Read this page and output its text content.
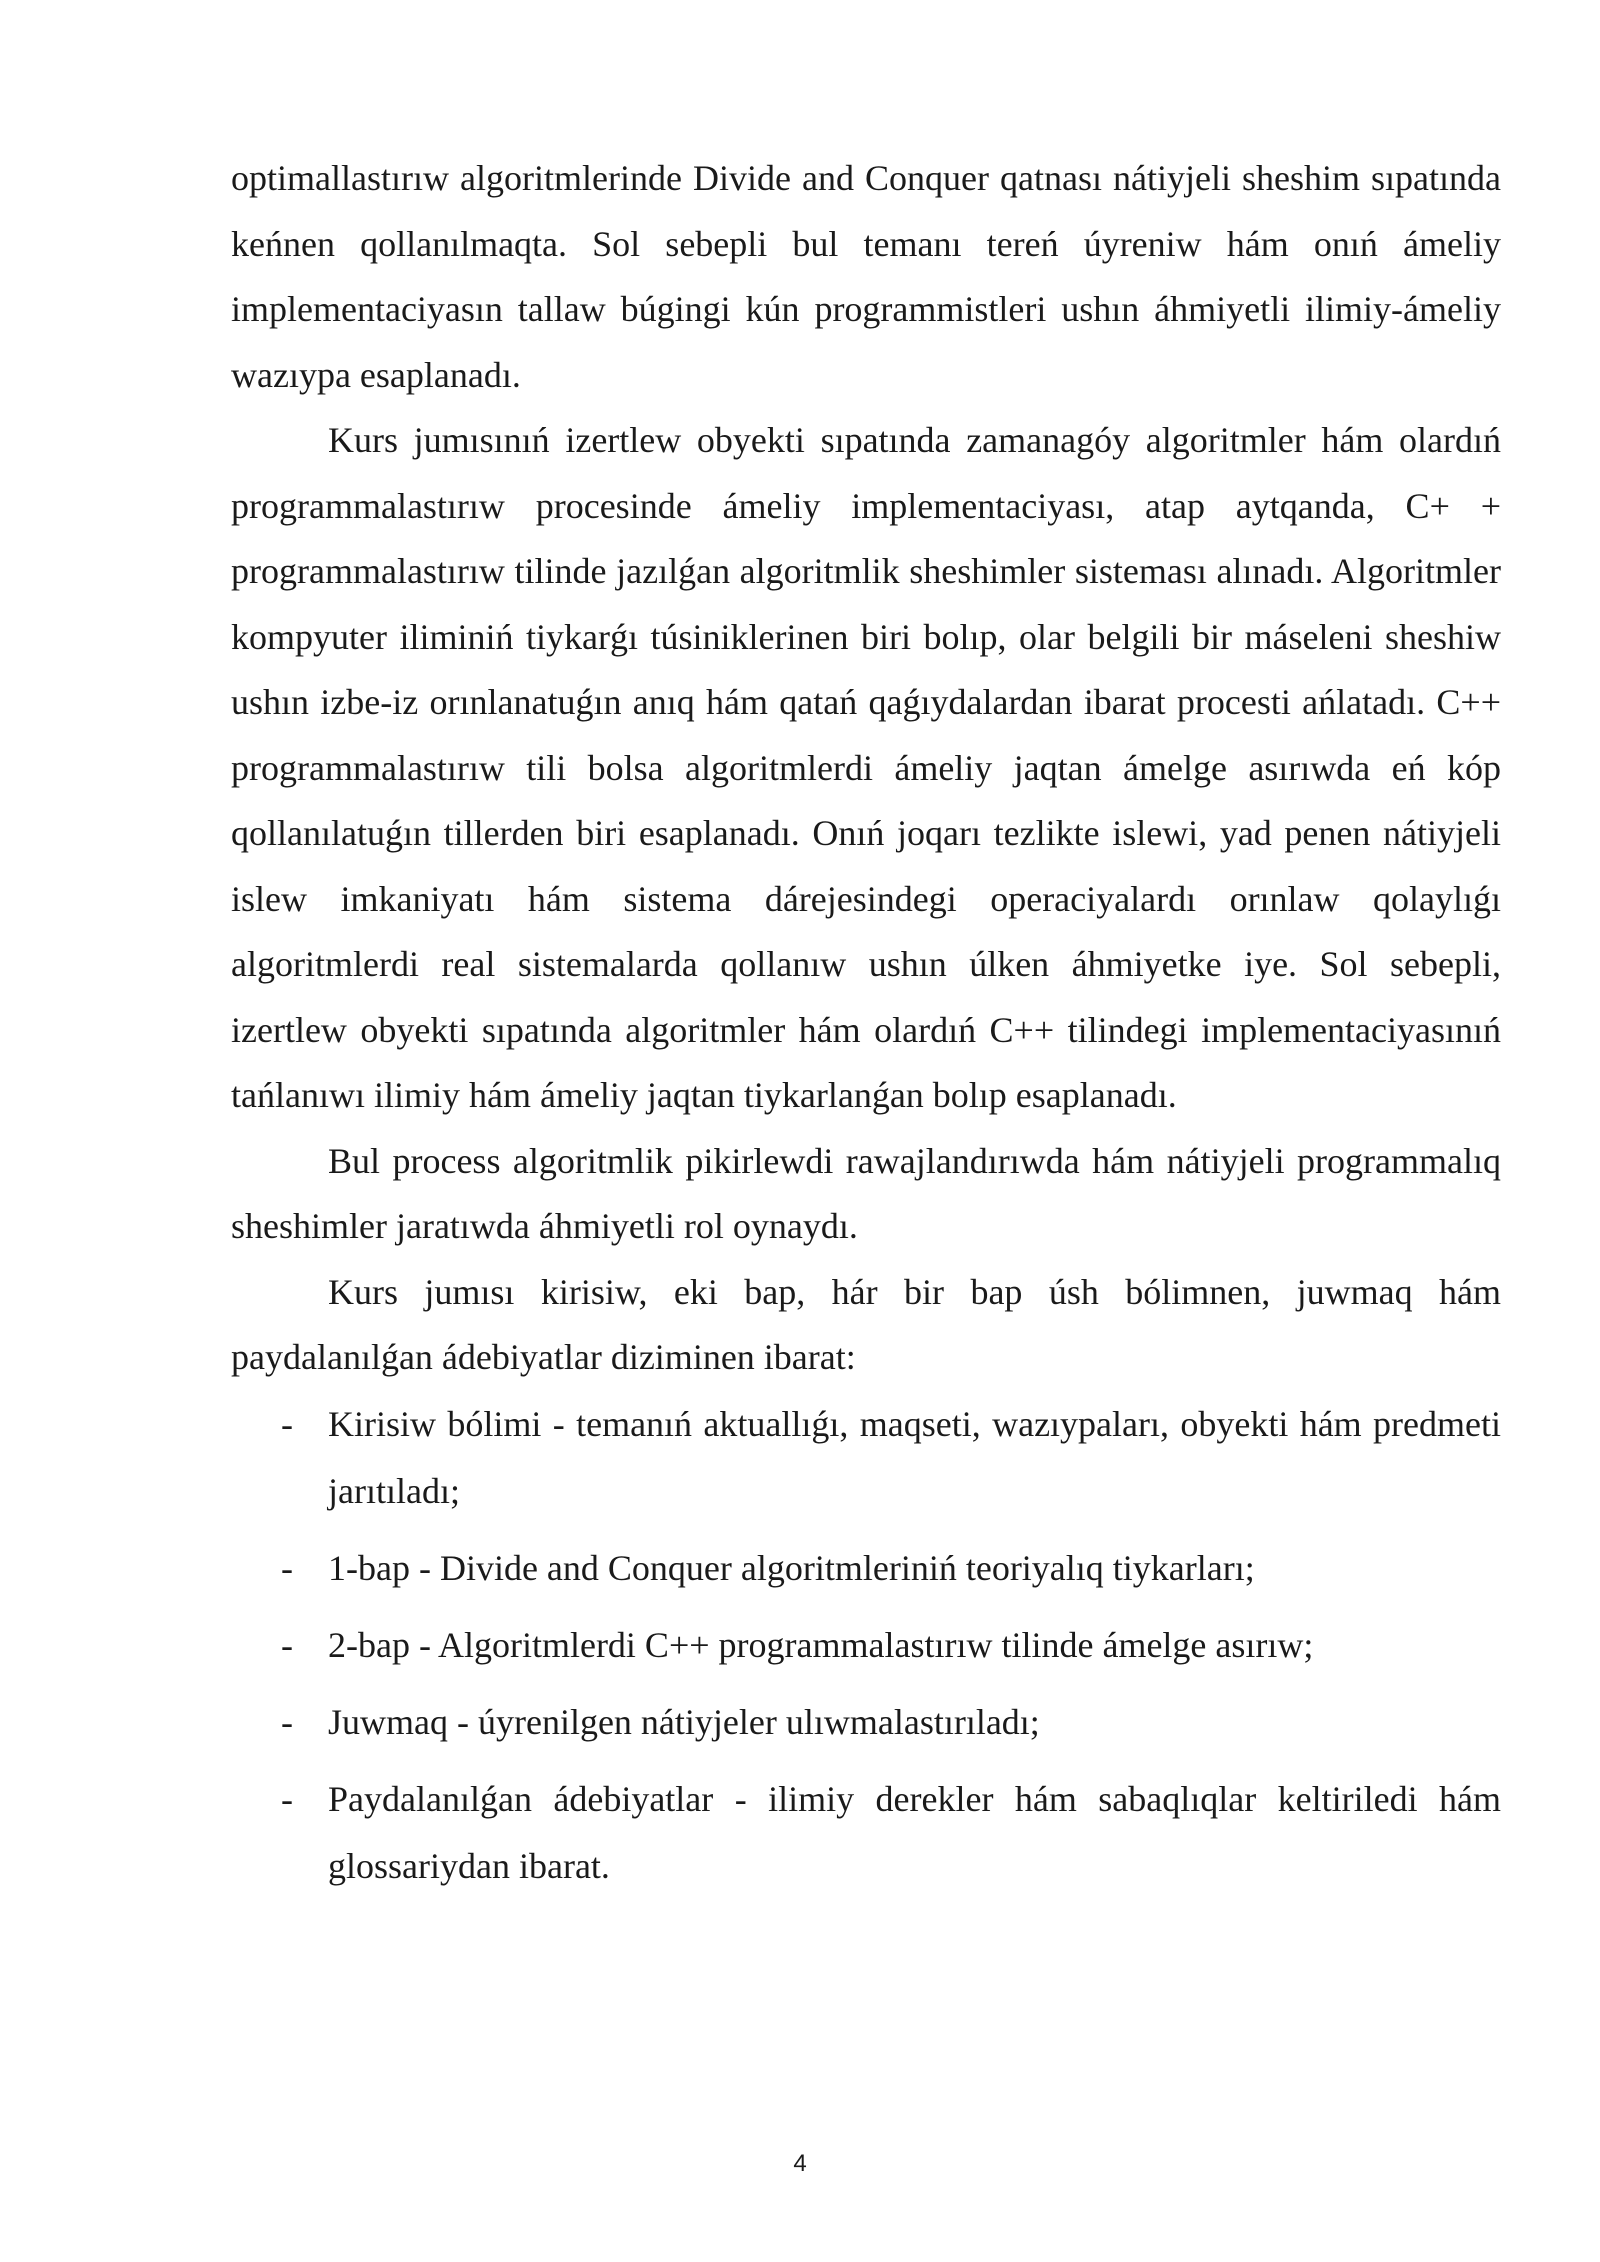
optimallastırıw algoritmlerinde Divide and Conquer qatnası nátiyjeli sheshim sıpatında keńnen qollanılmaqta. Sol sebepli bul temanı tereń úyreniw hám onıń ámeliy implementaciyasın tallaw búgingi kún programmistleri ushın áhmiyetli ilimiy-ámeliy wazıypa esaplanadı.

Kurs jumısınıń izertlew obyekti sıpatında zamanagóy algoritmler hám olardıń programmalastırıw procesinde ámeliy implementaciyası, atap aytqanda, C+ + programmalastırıw tilinde jazılǵan algoritmlik sheshimler sisteması alınadı. Algoritmler kompyuter iliminiń tiykarǵı túsiniklerinen biri bolıp, olar belgili bir máseleni sheshiw ushın izbe-iz orınlanatuǵın anıq hám qatań qaǵıydalardan ibarat procesti ańlatadı. C++ programmalastırıw tili bolsa algoritmlerdi ámeliy jaqtan ámelge asırıwda eń kóp qollanılatuǵın tillerden biri esaplanadı. Onıń joqarı tezlikte islewi, yad penen nátiyjeli islew imkaniyatı hám sistema dárejesindegi operaciyalardı orınlaw qolaylıǵı algoritmlerdi real sistemalarda qollanıw ushın úlken áhmiyetke iye. Sol sebepli, izertlew obyekti sıpatında algoritmler hám olardıń C++ tilindegi implementaciyasınıń tańlanıwı ilimiy hám ámeliy jaqtan tiykarlanǵan bolıp esaplanadı.

Bul process algoritmlik pikirlewdi rawajlandırıwda hám nátiyjeli programmalıq sheshimler jaratıwda áhmiyetli rol oynaydı.

Kurs jumısı kirisiw, eki bap, hár bir bap úsh bólimnen, juwmaq hám paydalanılǵan ádebiyatlar diziminen ibarat:

- Kirisiw bólimi - temanıń aktuallıǵı, maqseti, wazıypaları, obyekti hám predmeti jarıtıladı;
- 1-bap - Divide and Conquer algoritmleriniń teoriyalıq tiykarları;
- 2-bap - Algoritmlerdi C++ programmalastırıw tilinde ámelge asırıw;
- Juwmaq - úyrenilgen nátiyjeler ulıwmalastırıladı;
- Paydalanılǵan ádebiyatlar - ilimiy derekler hám sabaqlıqlar keltiriledi hám glossariydan ibarat.
4
